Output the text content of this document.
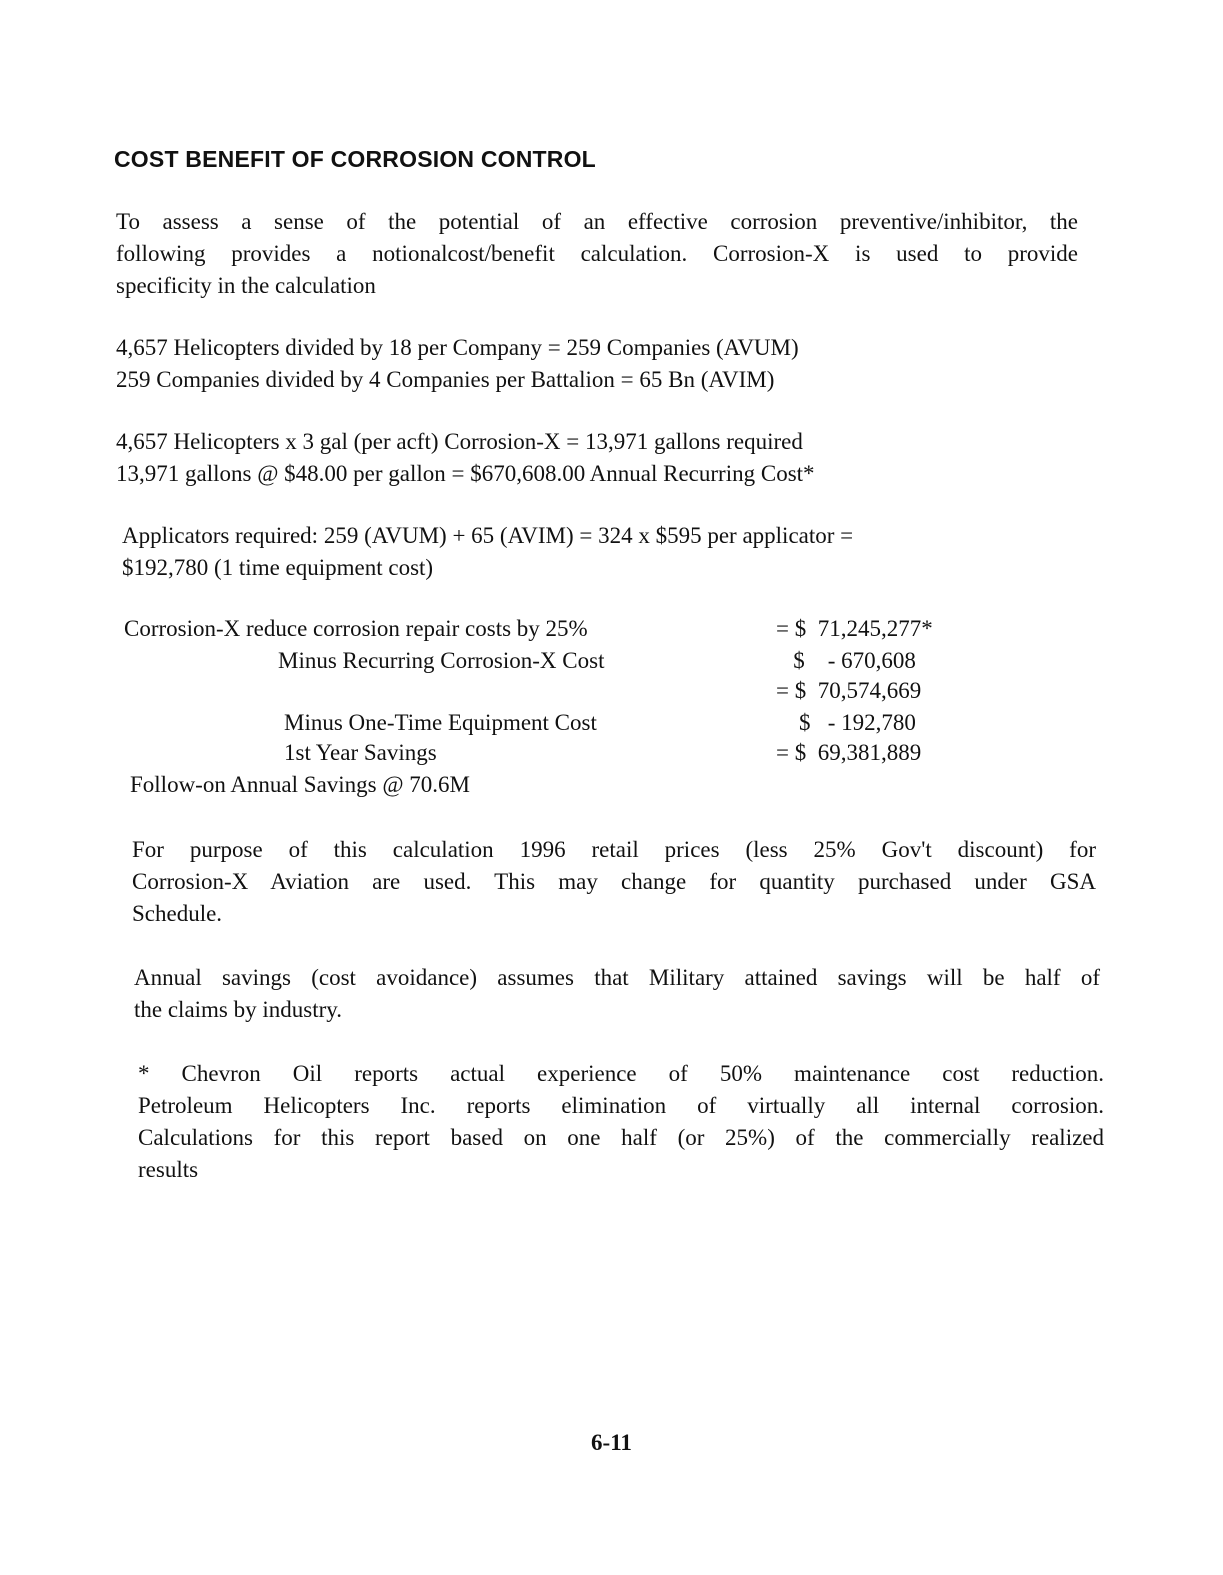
COST BENEFIT OF CORROSION CONTROL
To assess a sense of the potential of an effective corrosion preventive/inhibitor, the
following provides a notionalcost/benefit calculation. Corrosion-X is used to provide
specificity in the calculation
4,657 Helicopters divided by 18 per Company = 259 Companies (AVUM)
259 Companies divided by 4 Companies per Battalion = 65 Bn (AVIM)
4,657 Helicopters x 3 gal (per acft) Corrosion-X = 13,971 gallons required
13,971 gallons @ $48.00 per gallon = $670,608.00 Annual Recurring Cost*
Applicators required: 259 (AVUM) + 65 (AVIM) = 324 x $595 per applicator =
$192,780 (1 time equipment cost)
Corrosion-X reduce corrosion repair costs by 25%	= $  71,245,277*
Minus Recurring Corrosion-X Cost	$    - 670,608
= $  70,574,669
Minus One-Time Equipment Cost	$   - 192,780
1st Year Savings	= $  69,381,889
Follow-on Annual Savings @ 70.6M
For purpose of this calculation 1996 retail prices (less 25% Gov't discount) for
Corrosion-X Aviation are used. This may change for quantity purchased under GSA
Schedule.
Annual savings (cost avoidance) assumes that Military attained savings will be half of
the claims by industry.
* Chevron Oil reports actual experience of 50% maintenance cost reduction.
Petroleum Helicopters Inc. reports elimination of virtually all internal corrosion.
Calculations for this report based on one half (or 25%) of the commercially realized
results
6-11
